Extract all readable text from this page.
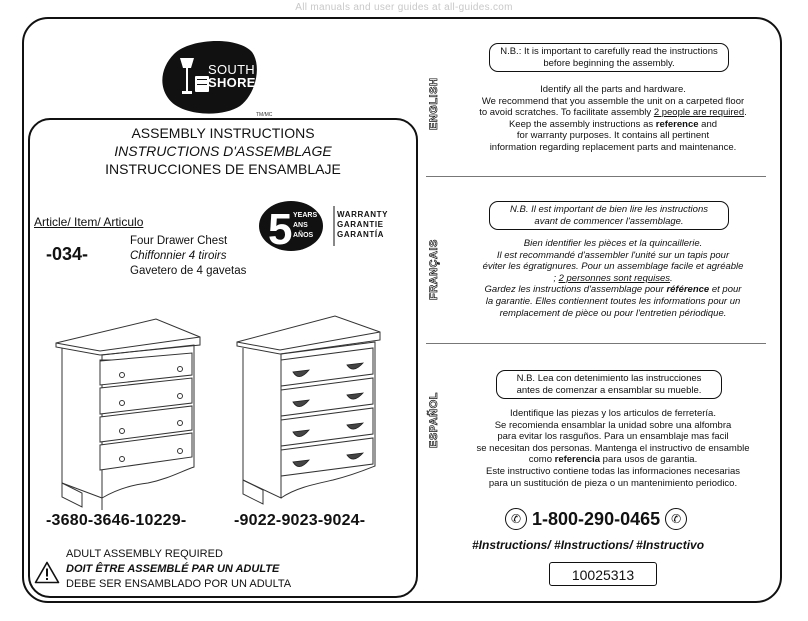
All manuals and user guides at all-guides.com
SOUTH
SHORE
TM/MC
ASSEMBLY INSTRUCTIONS
INSTRUCTIONS D'ASSEMBLAGE
INSTRUCCIONES DE ENSAMBLAJE
Article/ Item/ Articulo
-034-
Four Drawer Chest
Chiffonnier 4 tiroirs
Gavetero de 4 gavetas
5 YEARS
ANS
AÑOS
WARRANTY
GARANTIE
GARANTÍA
-3680-3646-10229-	-9022-9023-9024-
ADULT ASSEMBLY REQUIRED
DOIT ÊTRE ASSEMBLÉ PAR UN ADULTE
DEBE SER ENSAMBLADO POR UN ADULTA
ENGLISH
FRANÇAIS
ESPAÑOL
N.B.: It is important to carefully read the instructions
before beginning the assembly.
Identify all the parts and hardware.
We recommend that you assemble the unit on a carpeted floor
to avoid scratches. To facilitate assembly 2 people are required.
Keep the assembly instructions as reference and
for warranty purposes. It contains all pertinent
information regarding replacement parts and maintenance.
N.B. Il est important de bien lire les instructions
avant de commencer l'assemblage.
Bien identifier les pièces et la quincaillerie.
Il est recommandé d'assembler l'unité sur un tapis pour
éviter les égratignures. Pour un assemblage facile et agréable
; 2 personnes sont requises.
Gardez les instructions d'assemblage pour référence et pour
la garantie. Elles contiennent toutes les informations pour un
remplacement de pièce ou pour l'entretien périodique.
N.B. Lea con detenimiento las instrucciones
antes de comenzar a ensamblar su mueble.
Identifique las piezas y los articulos de ferretería.
Se recomienda ensamblar la unidad sobre una alfombra
para evitar los rasguños. Para un ensamblaje mas facil
se necesitan dos personas. Mantenga el instructivo de ensamble
como referencia para usos de garantia.
Este instructivo contiene todas las informaciones necesarias
para un sustitución de pieza o un mantenimiento periodico.
✆ 1-800-290-0465 ✆
#Instructions/ #Instructions/ #Instructivo
10025313
